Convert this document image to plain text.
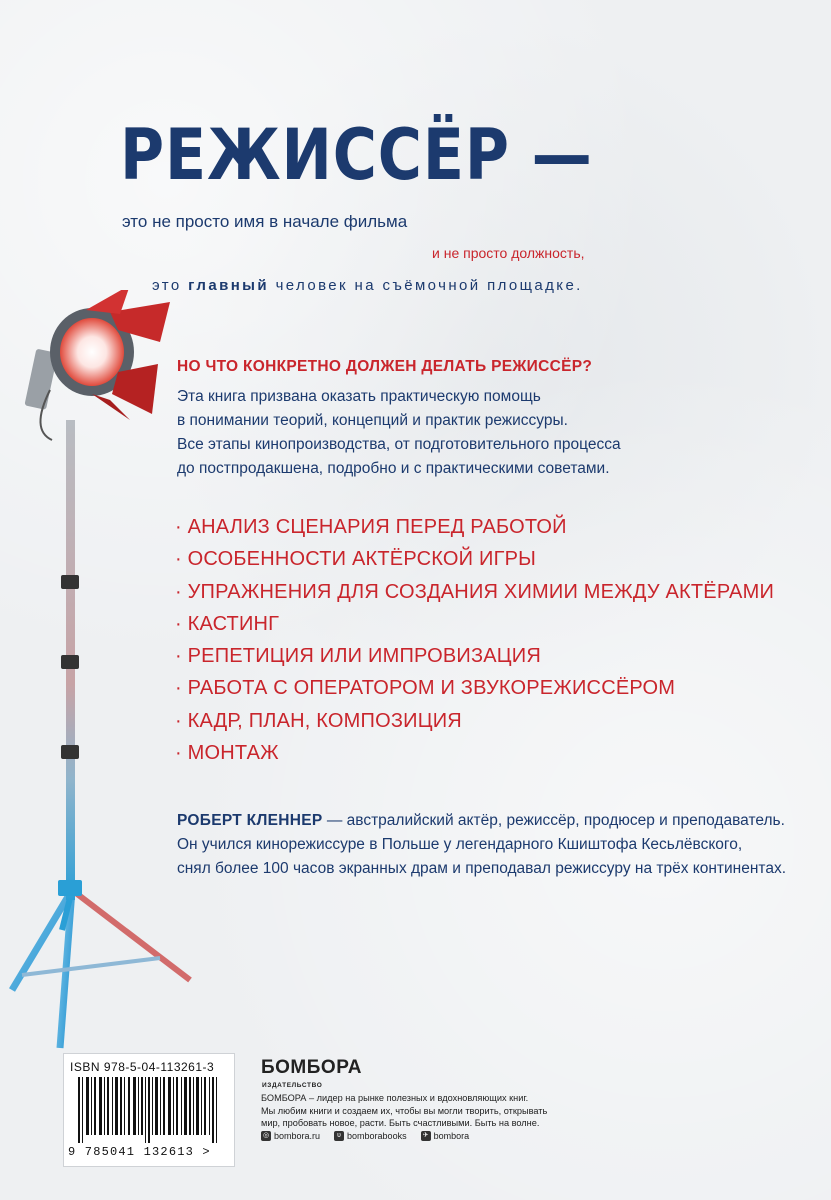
РЕЖИССЁР —
это не просто имя в начале фильма
и не просто должность,
это главный человек на съёмочной площадке.
НО ЧТО КОНКРЕТНО ДОЛЖЕН ДЕЛАТЬ РЕЖИССЁР?
Эта книга призвана оказать практическую помощь
в понимании теорий, концепций и практик режиссуры.
Все этапы кинопроизводства, от подготовительного процесса
до постпродакшена, подробно и с практическими советами.
· АНАЛИЗ СЦЕНАРИЯ ПЕРЕД РАБОТОЙ
· ОСОБЕННОСТИ АКТЁРСКОЙ ИГРЫ
· УПРАЖНЕНИЯ ДЛЯ СОЗДАНИЯ ХИМИИ МЕЖДУ АКТЁРАМИ
· КАСТИНГ
· РЕПЕТИЦИЯ ИЛИ ИМПРОВИЗАЦИЯ
· РАБОТА С ОПЕРАТОРОМ И ЗВУКОРЕЖИССЁРОМ
· КАДР, ПЛАН, КОМПОЗИЦИЯ
· МОНТАЖ
РОБЕРТ КЛЕННЕР — австралийский актёр, режиссёр, продюсер и преподаватель.
Он учился кинорежиссуре в Польше у легендарного Кшиштофа Кесьлёвского,
снял более 100 часов экранных драм и преподавал режиссуру на трёх континентах.
ISBN 978-5-04-113261-3
9 785041 132613 >
БОМБОРА
ИЗДАТЕЛЬСТВО
БОМБОРА – лидер на рынке полезных и вдохновляющих книг.
Мы любим книги и создаем их, чтобы вы могли творить, открывать
мир, пробовать новое, расти. Быть счастливыми. Быть на волне.
◎ bombora.ru	ʋ bomborabooks ✈ bombora
